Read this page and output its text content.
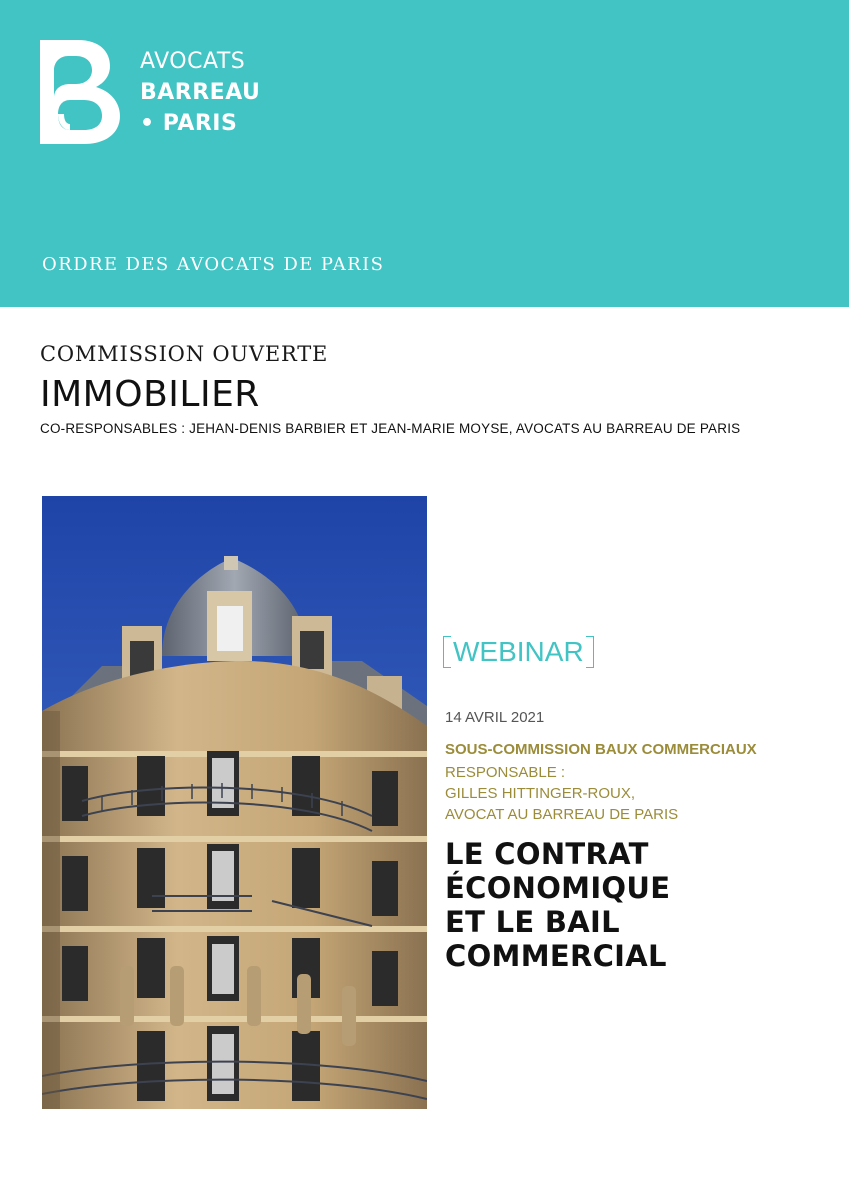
AVOCATS
BARREAU
• PARIS
ORDRE DES AVOCATS DE PARIS
COMMISSION OUVERTE
IMMOBILIER
CO-RESPONSABLES : JEHAN-DENIS BARBIER ET JEAN-MARIE MOYSE, AVOCATS AU BARREAU DE PARIS
WEBINAR
14 AVRIL 2021
SOUS-COMMISSION BAUX COMMERCIAUX
RESPONSABLE :
GILLES HITTINGER-ROUX,
AVOCAT AU BARREAU DE PARIS
LE CONTRAT
ÉCONOMIQUE
ET LE BAIL
COMMERCIAL
